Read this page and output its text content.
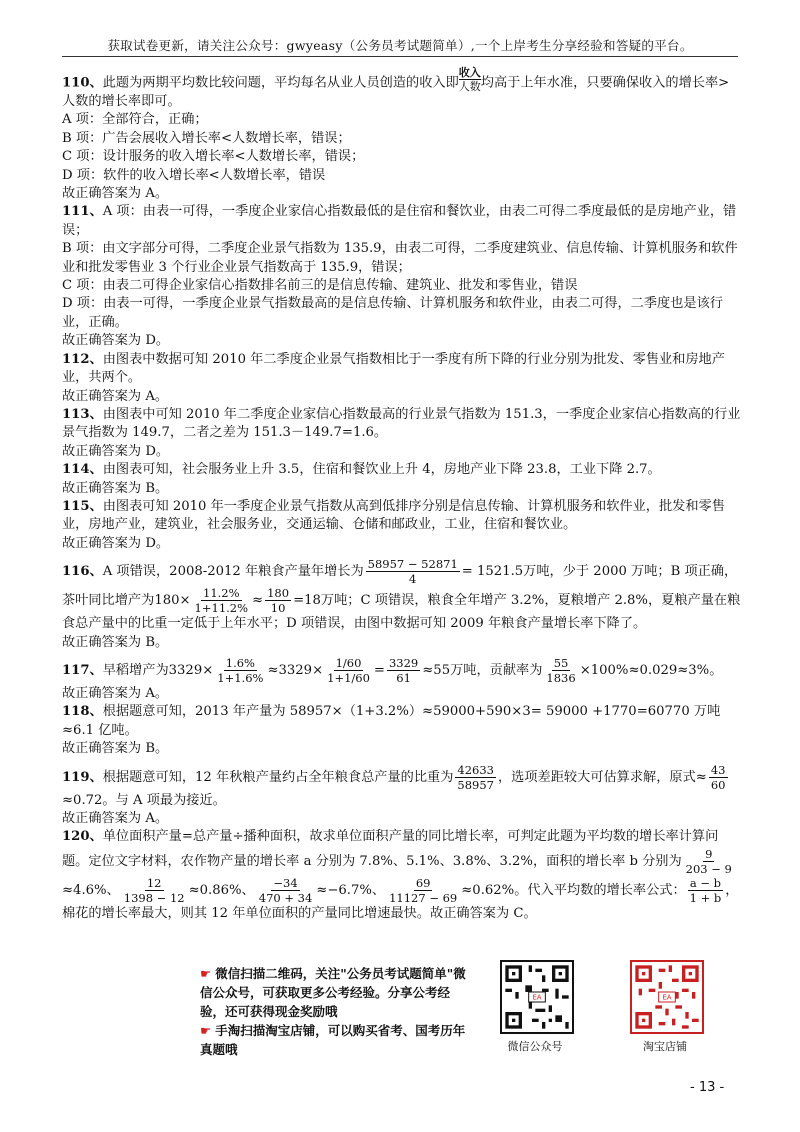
获取试卷更新，请关注公众号：gwyeasy（公务员考试题简单）,一个上岸考生分享经验和答疑的平台。

110、此题为两期平均数比较问题，平均每名从业人员创造的收入即
收入
人数 均高于上年水准，只要确保收入的增长率>人数的增长率即可。

A 项：全部符合，正确；

B 项：广告会展收入增长率<人数增长率，错误；

C 项：设计服务的收入增长率<人数增长率，错误；

D 项：软件的收入增长率<人数增长率，错误

故正确答案为 A。

111、A 项：由表一可得，一季度企业家信心指数最低的是住宿和餐饮业，由表二可得二季度最低的是房地产业，错误；

B 项：由文字部分可得，二季度企业景气指数为 135.9，由表二可得，二季度建筑业、信息传输、计算机服务和软件业和批发零售业 3 个行业企业景气指数高于 135.9，错误；

C 项：由表二可得企业家信心指数排名前三的是信息传输、建筑业、批发和零售业，错误

D 项：由表一可得，一季度企业景气指数最高的是信息传输、计算机服务和软件业，由表二可得，二季度也是该行业，正确。

故正确答案为 D。

112、由图表中数据可知 2010 年二季度企业景气指数相比于一季度有所下降的行业分别为批发、零售业和房地产业，共两个。

故正确答案为 A。

113、由图表中可知 2010 年二季度企业家信心指数最高的行业景气指数为 151.3，一季度企业家信心指数高的行业景气指数为 149.7，二者之差为 151.3－149.7=1.6。

故正确答案为 D。

114、由图表可知，社会服务业上升 3.5，住宿和餐饮业上升 4，房地产业下降 23.8，工业下降 2.7。

故正确答案为 B。

115、由图表可知 2010 年一季度企业景气指数从高到低排序分别是信息传输、计算机服务和软件业，批发和零售业，房地产业，建筑业，社会服务业，交通运输、仓储和邮政业，工业，住宿和餐饮业。

故正确答案为 D。

116、A 项错误，2008-2012 年粮食产量年增长为 $\frac{58957 - 52871}{4} = 1521.5$万吨，少于 2000 万吨；B 项正确，茶叶同比增产为$180\times \frac{11.2\%}{1+11.2\%} \approx \frac{180}{10} =18$万吨；C 项错误，粮食全年增产 3.2%，夏粮增产 2.8%，夏粮产量在粮食总产量中的比重一定低于上年水平；D 项错误，由图中数据可知 2009 年粮食产量增长率下降了。

故正确答案为 B。

117、早稻增产为$3329\times \frac{1.6\%}{1+1.6\%} \approx 3329\times \frac{1/60}{1+1/60} = \frac{3329}{61} \approx 55$万吨，贡献率为 $\frac{55}{1836} \times 100\%\approx 0.029\approx 3\%$。

故正确答案为 A。

118、根据题意可知，2013 年产量为 58957×（1+3.2%）≈59000+590×3= 59000 +1770=60770 万吨≈6.1 亿吨。

故正确答案为 B。

119、根据题意可知，12 年秋粮产量约占全年粮食总产量的比重为 $\frac{42633}{58957}$ ，选项差距较大可估算求解，原式≈ $\frac{43}{60}$
≈0.72。与 A 项最为接近。

故正确答案为 A。

120、单位面积产量=总产量÷播种面积，故求单位面积产量的同比增长率，可判定此题为平均数的增长率计算问题。定位文字材料，农作物产量的增长率 a 分别为 7.8%、5.1%、3.8%、3.2%，面积的增长率 b 分别为 $\frac{9}{203 - 9}$
≈4.6%、 $\frac{12}{1398 - 12} \approx 0.86\%$、 $\frac{-34}{470 + 34} \approx-6.7\%$、 $\frac{69}{11127 - 69} \approx 0.62\%$。代入平均数的增长率公式： $\frac{a - b}{1 + b}$ ，棉花的增长率最大，则其 12 年单位面积的产量同比增速最快。故正确答案为 C。

☛ 微信扫描二维码，关注"公务员考试题简单"微信公众号，可获取更多公考经验。分享公考经验，还可获得现金奖励哦
☛ 手淘扫描淘宝店铺，可以购买省考、国考历年真题哦
EA
微信公众号
EA
淘宝店铺
- 13 -
